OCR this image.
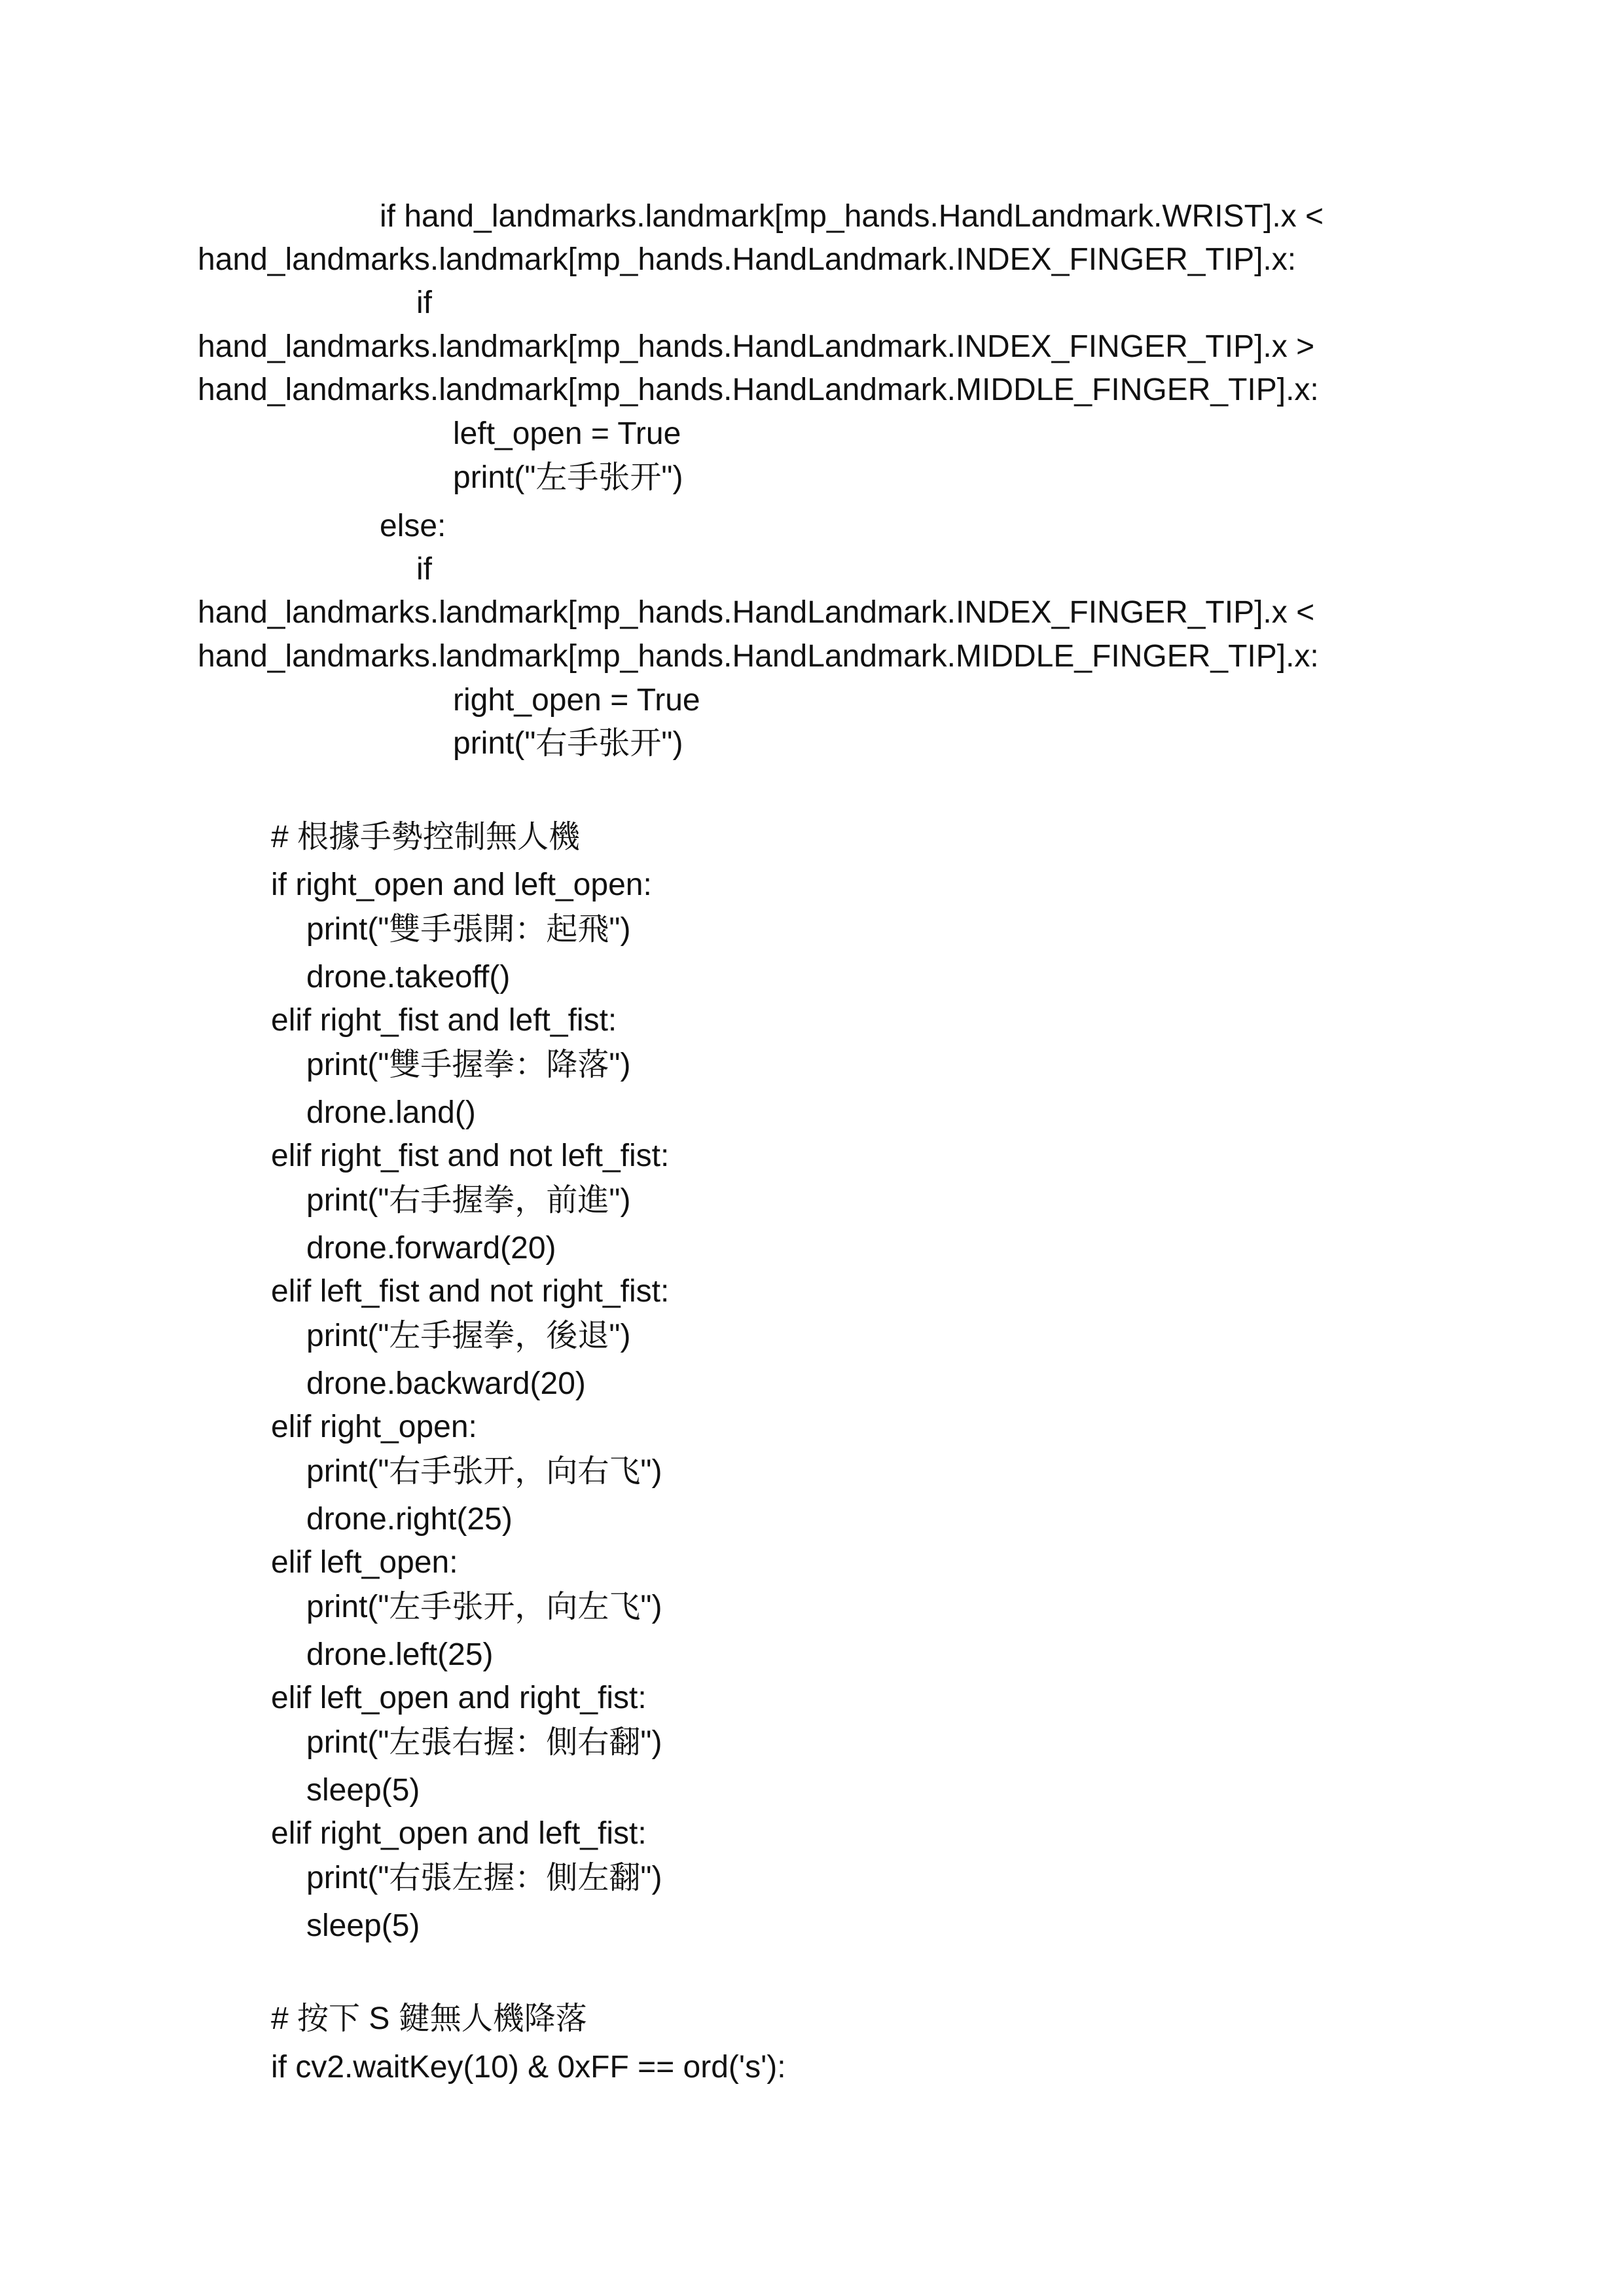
if hand_landmarks.landmark[mp_hands.HandLandmark.WRIST].x <
hand_landmarks.landmark[mp_hands.HandLandmark.INDEX_FINGER_TIP].x:
if
hand_landmarks.landmark[mp_hands.HandLandmark.INDEX_FINGER_TIP].x >
hand_landmarks.landmark[mp_hands.HandLandmark.MIDDLE_FINGER_TIP].x:
left_open = True
print("左手张开")
else:
if
hand_landmarks.landmark[mp_hands.HandLandmark.INDEX_FINGER_TIP].x <
hand_landmarks.landmark[mp_hands.HandLandmark.MIDDLE_FINGER_TIP].x:
right_open = True
print("右手张开")
# 根據手勢控制無人機
if right_open and left_open:
print("雙手張開：起飛")
drone.takeoff()
elif right_fist and left_fist:
print("雙手握拳：降落")
drone.land()
elif right_fist and not left_fist:
print("右手握拳，前進")
drone.forward(20)
elif left_fist and not right_fist:
print("左手握拳，後退")
drone.backward(20)
elif right_open:
print("右手张开，向右飞")
drone.right(25)
elif left_open:
print("左手张开，向左飞")
drone.left(25)
elif left_open and right_fist:
print("左張右握：側右翻")
sleep(5)
elif right_open and left_fist:
print("右張左握：側左翻")
sleep(5)
# 按下 S 鍵無人機降落
if cv2.waitKey(10) & 0xFF == ord('s'):
